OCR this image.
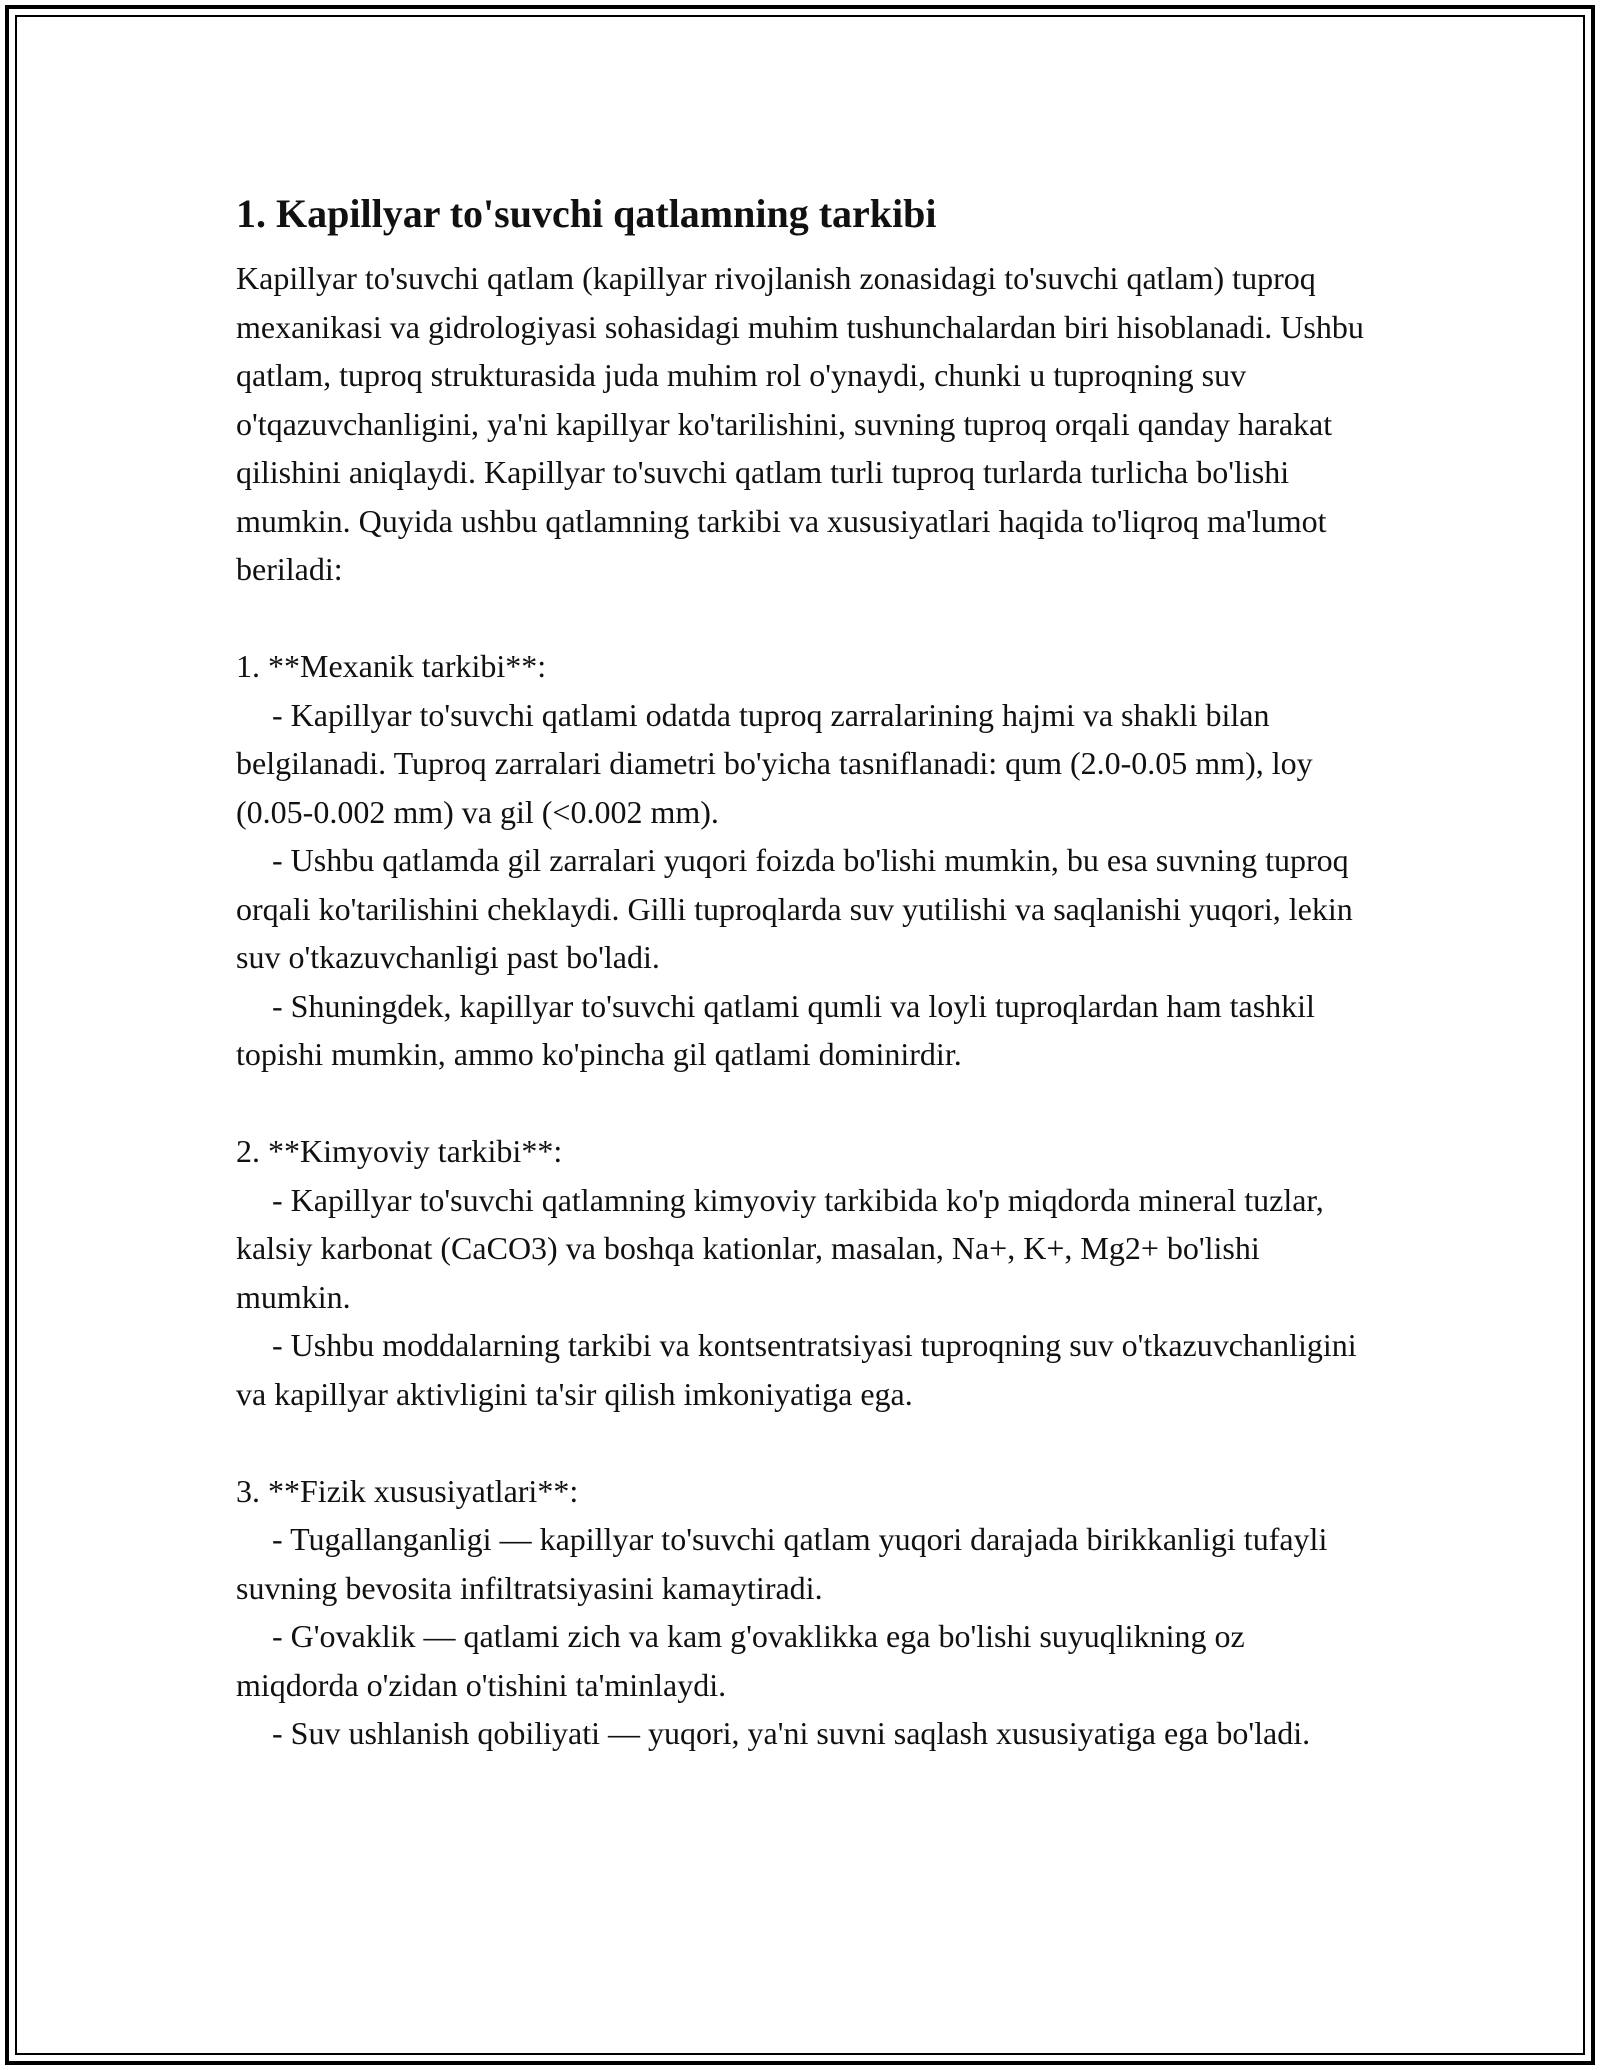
1. Kapillyar to'suvchi qatlamning tarkibi

Kapillyar to'suvchi qatlam (kapillyar rivojlanish zonasidagi to'suvchi qatlam) tuproq mexanikasi va gidrologiyasi sohasidagi muhim tushunchalardan biri hisoblanadi. Ushbu qatlam, tuproq strukturasida juda muhim rol o'ynaydi, chunki u tuproqning suv o'tqazuvchanligini, ya'ni kapillyar ko'tarilishini, suvning tuproq orqali qanday harakat qilishini aniqlaydi. Kapillyar to'suvchi qatlam turli tuproq turlarda turlicha bo'lishi mumkin. Quyida ushbu qatlamning tarkibi va xususiyatlari haqida to'liqroq ma'lumot beriladi:

1. **Mexanik tarkibi**:

- Kapillyar to'suvchi qatlami odatda tuproq zarralarining hajmi va shakli bilan belgilanadi. Tuproq zarralari diametri bo'yicha tasniflanadi: qum (2.0-0.05 mm), loy (0.05-0.002 mm) va gil (<0.002 mm).

- Ushbu qatlamda gil zarralari yuqori foizda bo'lishi mumkin, bu esa suvning tuproq orqali ko'tarilishini cheklaydi. Gilli tuproqlarda suv yutilishi va saqlanishi yuqori, lekin suv o'tkazuvchanligi past bo'ladi.

- Shuningdek, kapillyar to'suvchi qatlami qumli va loyli tuproqlardan ham tashkil topishi mumkin, ammo ko'pincha gil qatlami dominirdir.

2. **Kimyoviy tarkibi**:

- Kapillyar to'suvchi qatlamning kimyoviy tarkibida ko'p miqdorda mineral tuzlar, kalsiy karbonat (CaCO3) va boshqa kationlar, masalan, Na+, K+, Mg2+ bo'lishi mumkin.

- Ushbu moddalarning tarkibi va kontsentratsiyasi tuproqning suv o'tkazuvchanligini va kapillyar aktivligini ta'sir qilish imkoniyatiga ega.

3. **Fizik xususiyatlari**:

- Tugallanganligi — kapillyar to'suvchi qatlam yuqori darajada birikkanligi tufayli suvning bevosita infiltratsiyasini kamaytiradi.

- G'ovaklik — qatlami zich va kam g'ovaklikka ega bo'lishi suyuqlikning oz miqdorda o'zidan o'tishini ta'minlaydi.

- Suv ushlanish qobiliyati — yuqori, ya'ni suvni saqlash xususiyatiga ega bo'ladi.
